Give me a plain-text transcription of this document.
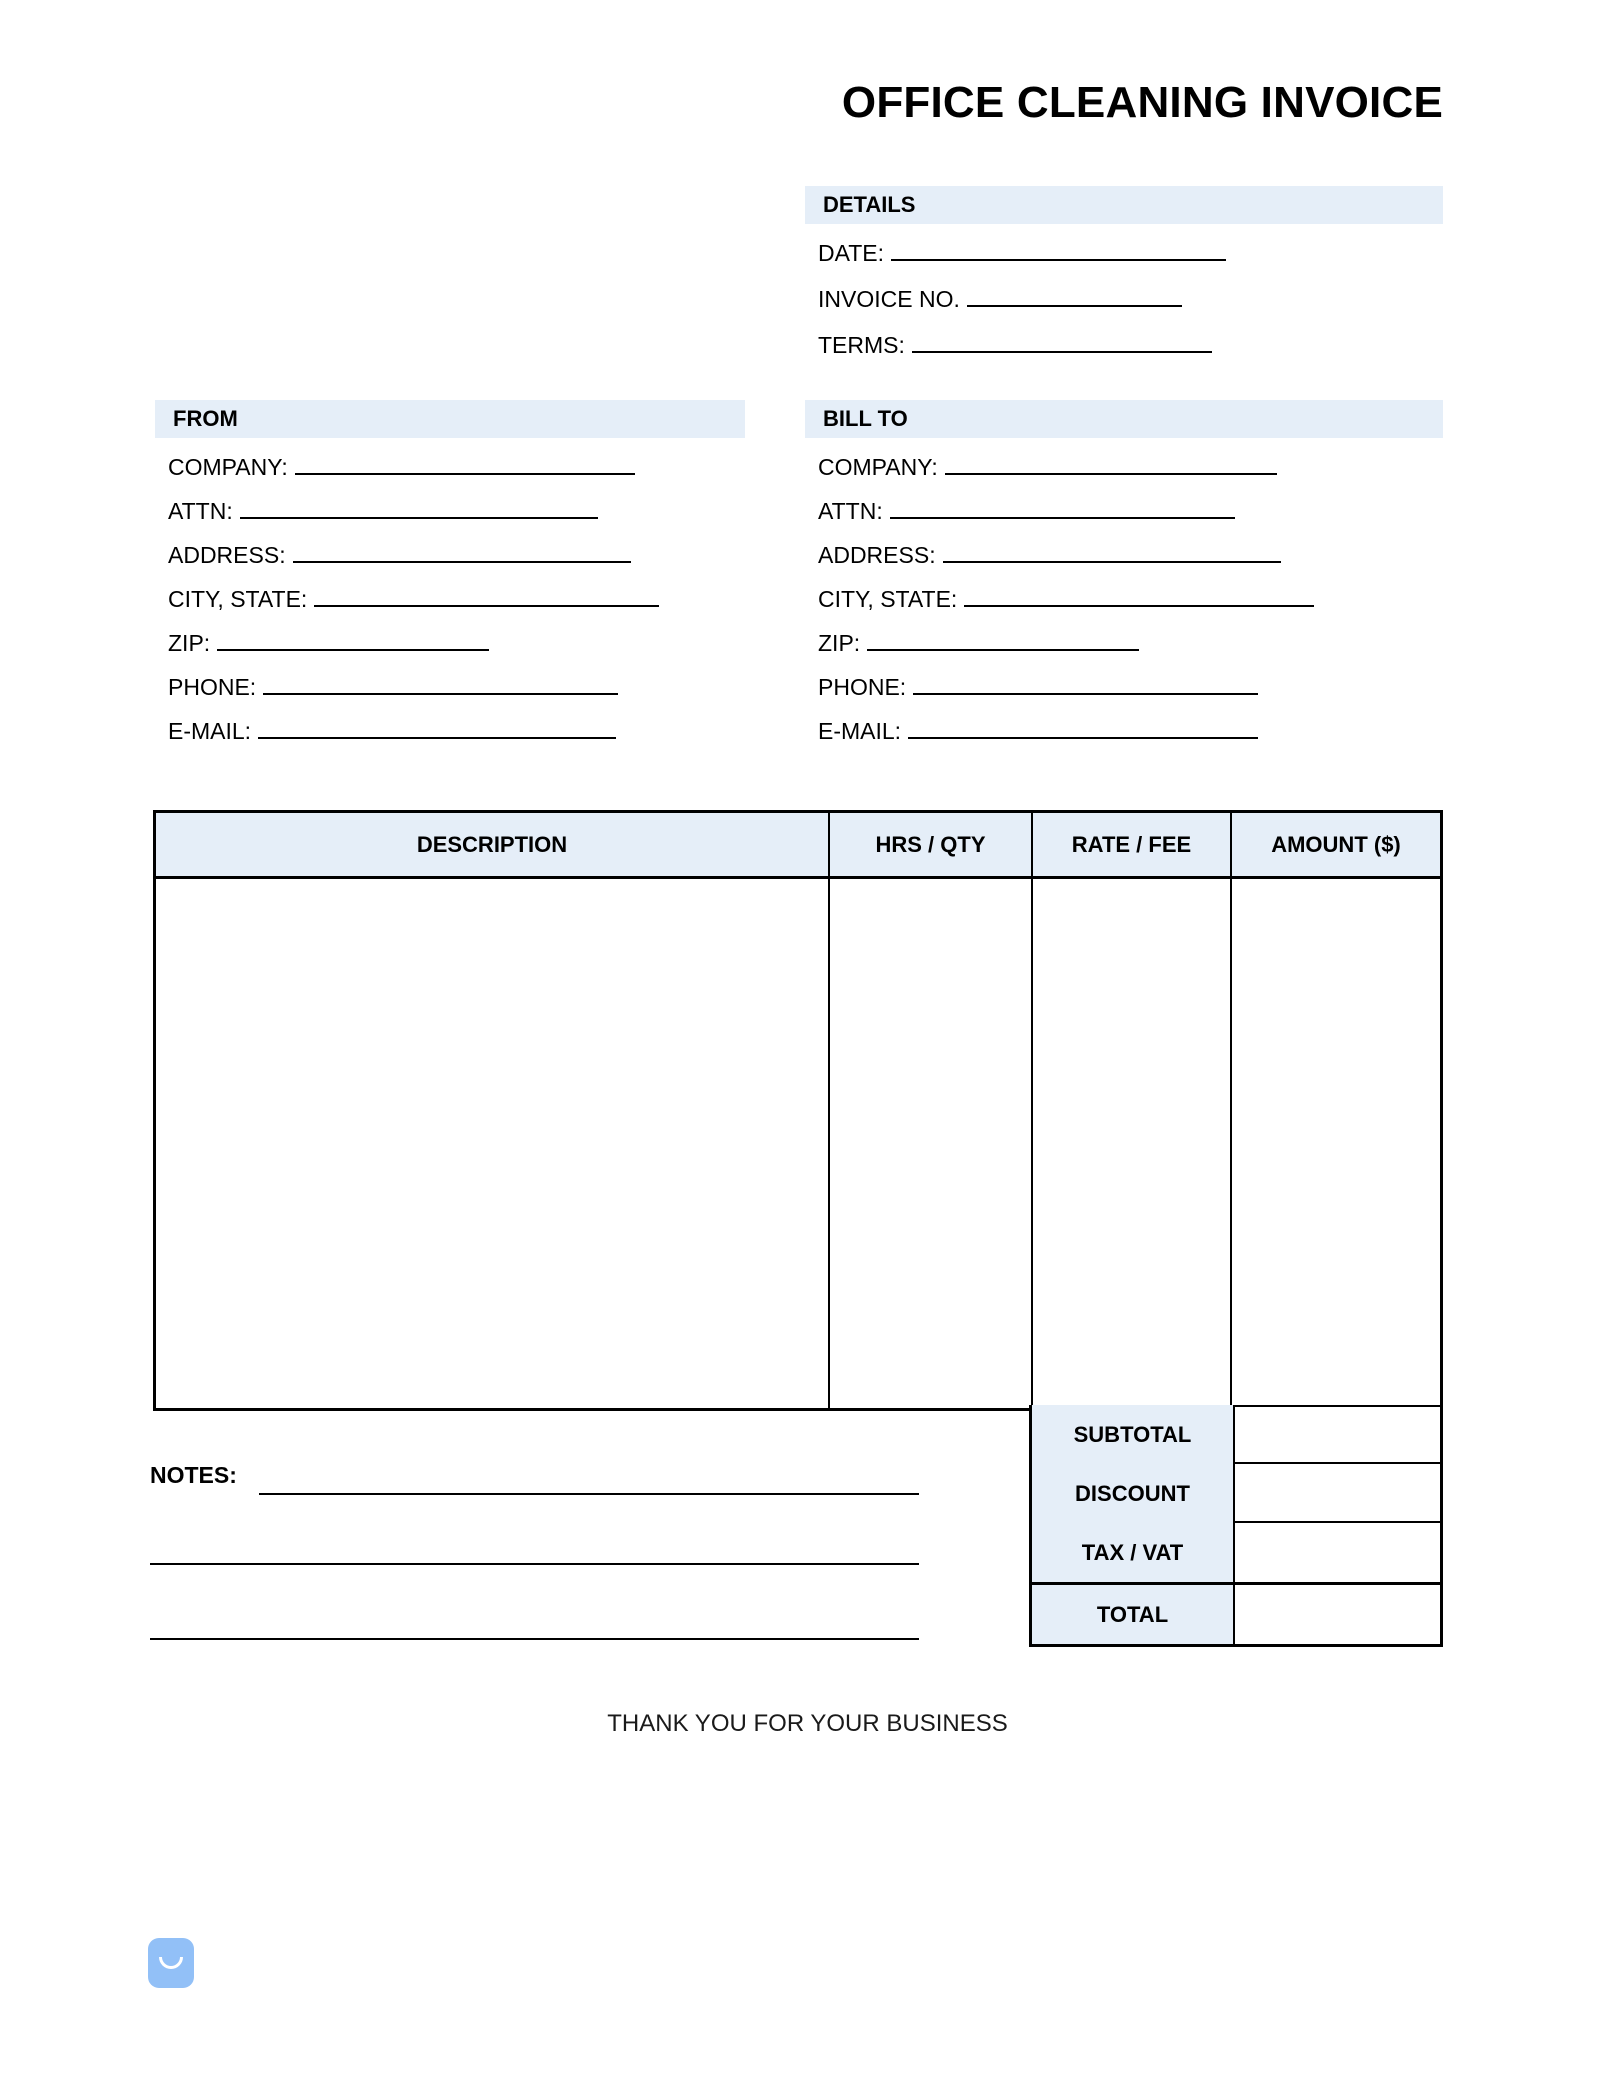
OFFICE CLEANING INVOICE
DETAILS
DATE:
INVOICE NO.
TERMS:
FROM
COMPANY:
ATTN:
ADDRESS:
CITY, STATE:
ZIP:
PHONE:
E-MAIL:
BILL TO
COMPANY:
ATTN:
ADDRESS:
CITY, STATE:
ZIP:
PHONE:
E-MAIL:
DESCRIPTION	HRS / QTY	RATE / FEE	AMOUNT ($)
SUBTOTAL
DISCOUNT
TAX / VAT
TOTAL
NOTES:
THANK YOU FOR YOUR BUSINESS
